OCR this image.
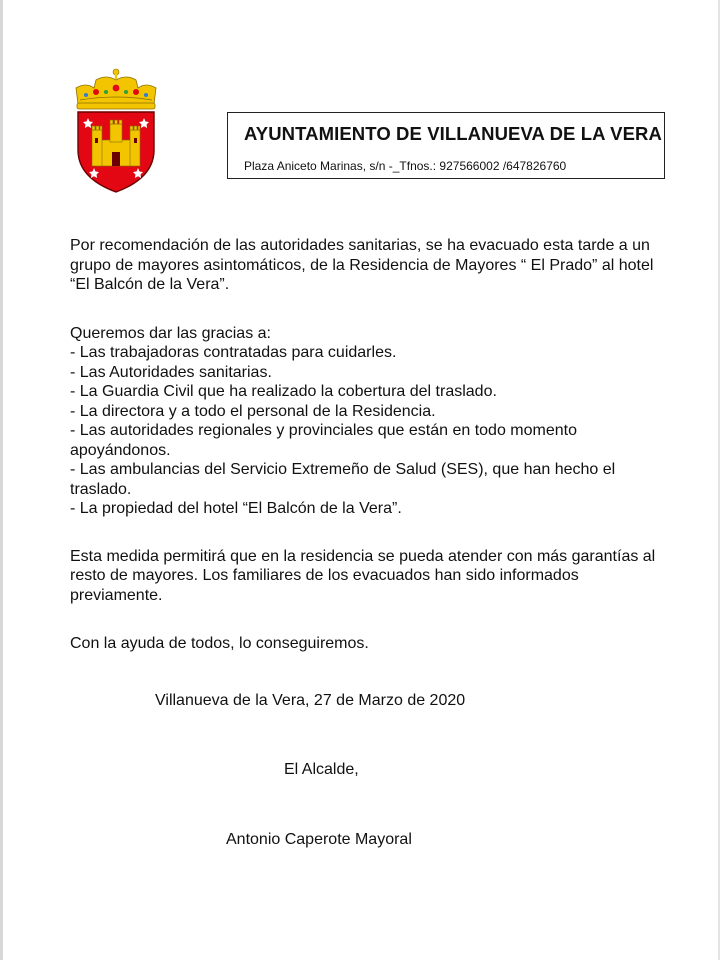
AYUNTAMIENTO DE VILLANUEVA DE LA VERA
Plaza Aniceto Marinas, s/n -_Tfnos.: 927566002 /647826760

Por recomendación de las autoridades sanitarias, se ha evacuado esta tarde a un grupo de mayores asintomáticos, de la Residencia de Mayores “ El Prado” al hotel “El Balcón de la Vera”.

Queremos dar las gracias a:

- Las trabajadoras contratadas para cuidarles.
- Las Autoridades sanitarias.
- La Guardia Civil que ha realizado la cobertura del traslado.
- La directora y a todo el personal de la Residencia.
- Las autoridades regionales y provinciales que están en todo momento apoyándonos.
- Las ambulancias del Servicio Extremeño de Salud (SES), que han hecho el traslado.
- La propiedad del hotel “El Balcón de la Vera”.

Esta medida permitirá que en la residencia se pueda atender con más garantías al resto de mayores. Los familiares de los evacuados han sido informados previamente.

Con la ayuda de todos, lo conseguiremos.

Villanueva de la Vera, 27 de Marzo de 2020
El Alcalde,
Antonio Caperote Mayoral
